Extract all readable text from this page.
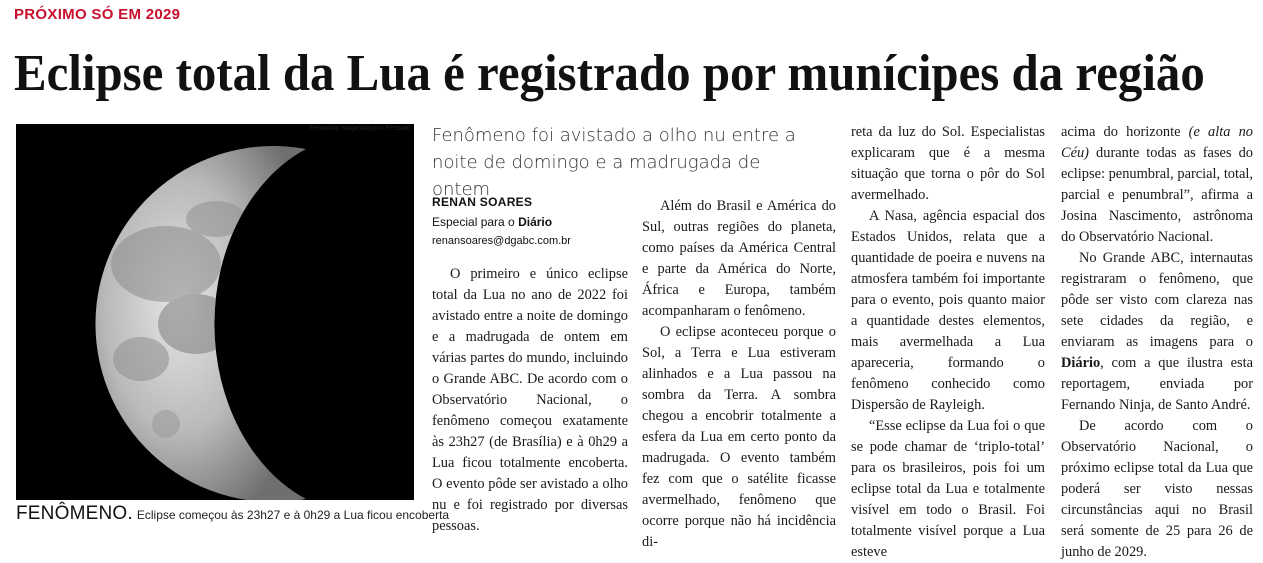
PRÓXIMO SÓ EM 2029
Eclipse total da Lua é registrado por munícipes da região
Fernando Ninja/Arquivo Pessoal
FENÔMENO. Eclipse começou às 23h27 e à 0h29 a Lua ficou encoberta
Fenômeno foi avistado a olho nu entre a noite de domingo e a madrugada de ontem
RENAN SOARES
Especial para o Diário
renansoares@dgabc.com.br

O primeiro e único eclipse total da Lua no ano de 2022 foi avistado entre a noite de domingo e a madrugada de ontem em várias partes do mundo, incluindo o Grande ABC. De acordo com o Observatório Nacional, o fenômeno começou exatamente às 23h27 (de Brasília) e à 0h29 a Lua ficou totalmente encoberta. O evento pôde ser avistado a olho nu e foi registrado por diversas pessoas.

Além do Brasil e América do Sul, outras regiões do planeta, como países da América Central e parte da América do Norte, África e Europa, também acompanharam o fenômeno.

O eclipse aconteceu porque o Sol, a Terra e Lua estiveram alinhados e a Lua passou na sombra da Terra. A sombra chegou a encobrir totalmente a esfera da Lua em certo ponto da madrugada. O evento também fez com que o satélite ficasse avermelhado, fenômeno que ocorre porque não há incidência di-

reta da luz do Sol. Especialistas explicaram que é a mesma situação que torna o pôr do Sol avermelhado.

A Nasa, agência espacial dos Estados Unidos, relata que a quantidade de poeira e nuvens na atmosfera também foi importante para o evento, pois quanto maior a quantidade destes elementos, mais avermelhada a Lua apareceria, formando o fenômeno conhecido como Dispersão de Rayleigh.

“Esse eclipse da Lua foi o que se pode chamar de ‘triplo-total’ para os brasileiros, pois foi um eclipse total da Lua e totalmente visível em todo o Brasil. Foi totalmente visível porque a Lua esteve

acima do horizonte (e alta no Céu) durante todas as fases do eclipse: penumbral, parcial, total, parcial e penumbral”, afirma a Josina Nascimento, astrônoma do Observatório Nacional.

No Grande ABC, internautas registraram o fenômeno, que pôde ser visto com clareza nas sete cidades da região, e enviaram as imagens para o Diário, com a que ilustra esta reportagem, enviada por Fernando Ninja, de Santo André.

De acordo com o Observatório Nacional, o próximo eclipse total da Lua que poderá ser visto nessas circunstâncias aqui no Brasil será somente de 25 para 26 de junho de 2029.
